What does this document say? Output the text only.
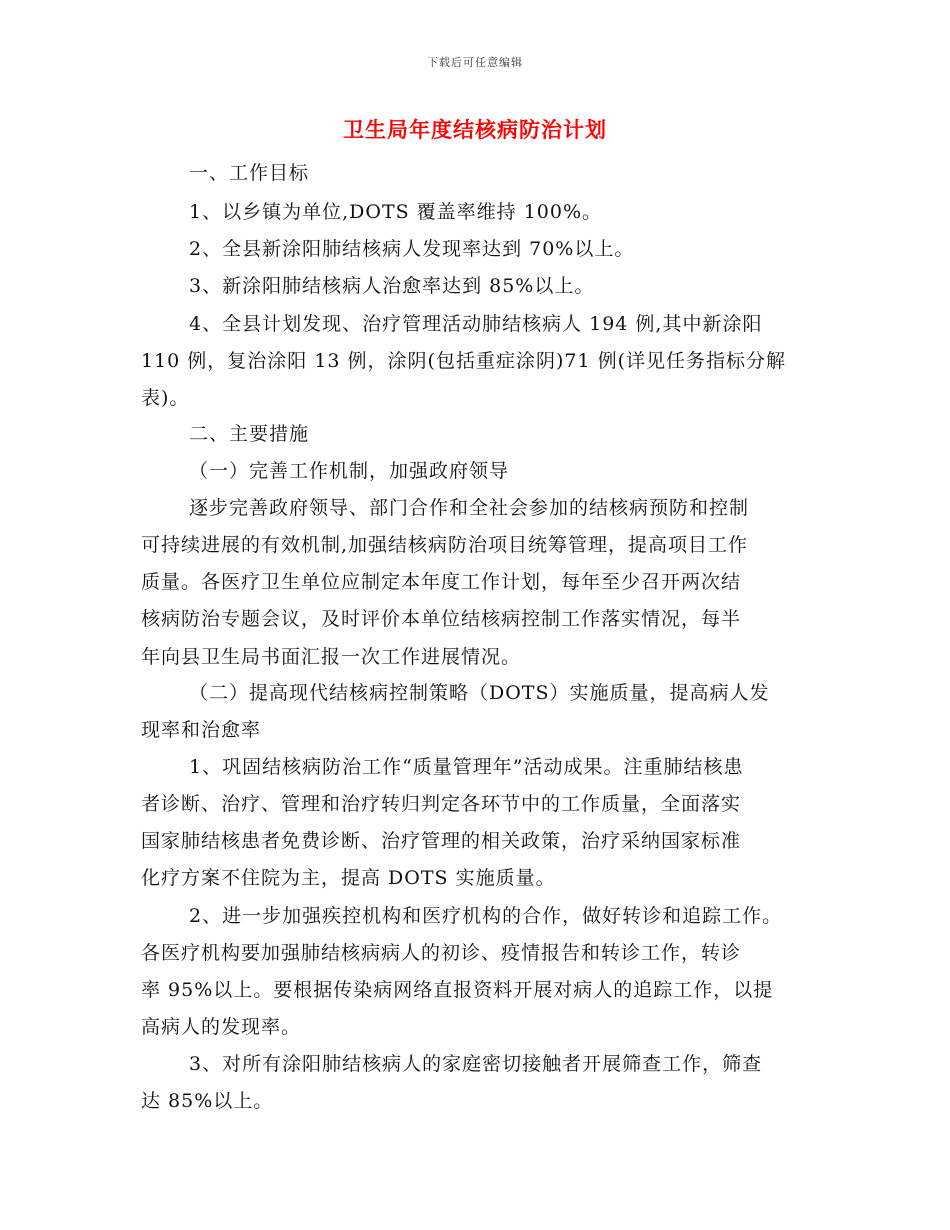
下载后可任意编辑
卫生局年度结核病防治计划
一、工作目标
1、以乡镇为单位,DOTS 覆盖率维持 100%。
2、全县新涂阳肺结核病人发现率达到 70%以上。
3、新涂阳肺结核病人治愈率达到 85%以上。
4、全县计划发现、治疗管理活动肺结核病人 194 例,其中新涂阳
110 例，复治涂阳 13 例，涂阴(包括重症涂阴)71 例(详见任务指标分解
表)。
二、主要措施
（一）完善工作机制，加强政府领导
逐步完善政府领导、部门合作和全社会参加的结核病预防和控制
可持续进展的有效机制,加强结核病防治项目统筹管理，提高项目工作
质量。各医疗卫生单位应制定本年度工作计划，每年至少召开两次结
核病防治专题会议，及时评价本单位结核病控制工作落实情况，每半
年向县卫生局书面汇报一次工作进展情况。
（二）提高现代结核病控制策略（DOTS）实施质量，提高病人发
现率和治愈率
1、巩固结核病防治工作“质量管理年”活动成果。注重肺结核患
者诊断、治疗、管理和治疗转归判定各环节中的工作质量，全面落实
国家肺结核患者免费诊断、治疗管理的相关政策，治疗采纳国家标准
化疗方案不住院为主，提高 DOTS 实施质量。
2、进一步加强疾控机构和医疗机构的合作，做好转诊和追踪工作。
各医疗机构要加强肺结核病病人的初诊、疫情报告和转诊工作，转诊
率 95%以上。要根据传染病网络直报资料开展对病人的追踪工作，以提
高病人的发现率。
3、对所有涂阳肺结核病人的家庭密切接触者开展筛查工作，筛查
达 85%以上。
